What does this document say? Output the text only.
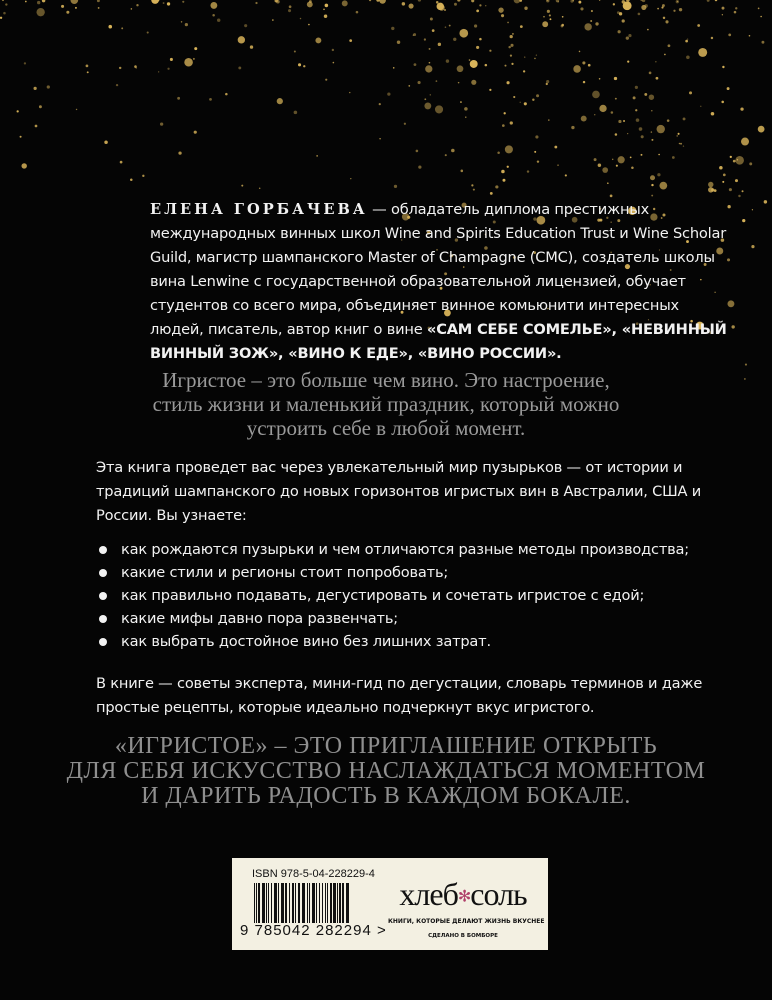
ЕЛЕНА ГОРБАЧЕВА — обладатель диплома престижных международных винных школ Wine and Spirits Education Trust и Wine Scholar Guild, магистр шампанского Master of Champagne (CMC), создатель школы вина Lenwine с государственной образовательной лицензией, обучает студентов со всего мира, объединяет винное комьюнити интересных людей, писатель, автор книг о вине «САМ СЕБЕ СОМЕЛЬЕ», «НЕВИННЫЙ ВИННЫЙ ЗОЖ», «ВИНО К ЕДЕ», «ВИНО РОССИИ».
Игристое – это больше чем вино. Это настроение,
стиль жизни и маленький праздник, который можно
устроить себе в любой момент.
Эта книга проведет вас через увлекательный мир пузырьков — от истории и традиций шампанского до новых горизонтов игристых вин в Австралии, США и России. Вы узнаете:
как рождаются пузырьки и чем отличаются разные методы производства;
какие стили и регионы стоит попробовать;
как правильно подавать, дегустировать и сочетать игристое с едой;
какие мифы давно пора развенчать;
как выбрать достойное вино без лишних затрат.
В книге — советы эксперта, мини-гид по дегустации, словарь терминов и даже простые рецепты, которые идеально подчеркнут вкус игристого.
«ИГРИСТОЕ» – ЭТО ПРИГЛАШЕНИЕ ОТКРЫТЬ
ДЛЯ СЕБЯ ИСКУССТВО НАСЛАЖДАТЬСЯ МОМЕНТОМ
И ДАРИТЬ РАДОСТЬ В КАЖДОМ БОКАЛЕ.
ISBN 978-5-04-228229-4
9 785042 282294 >
хлеб✻соль
КНИГИ, КОТОРЫЕ ДЕЛАЮТ ЖИЗНЬ ВКУСНЕЕ
СДЕЛАНО В БОМБОРЕ
